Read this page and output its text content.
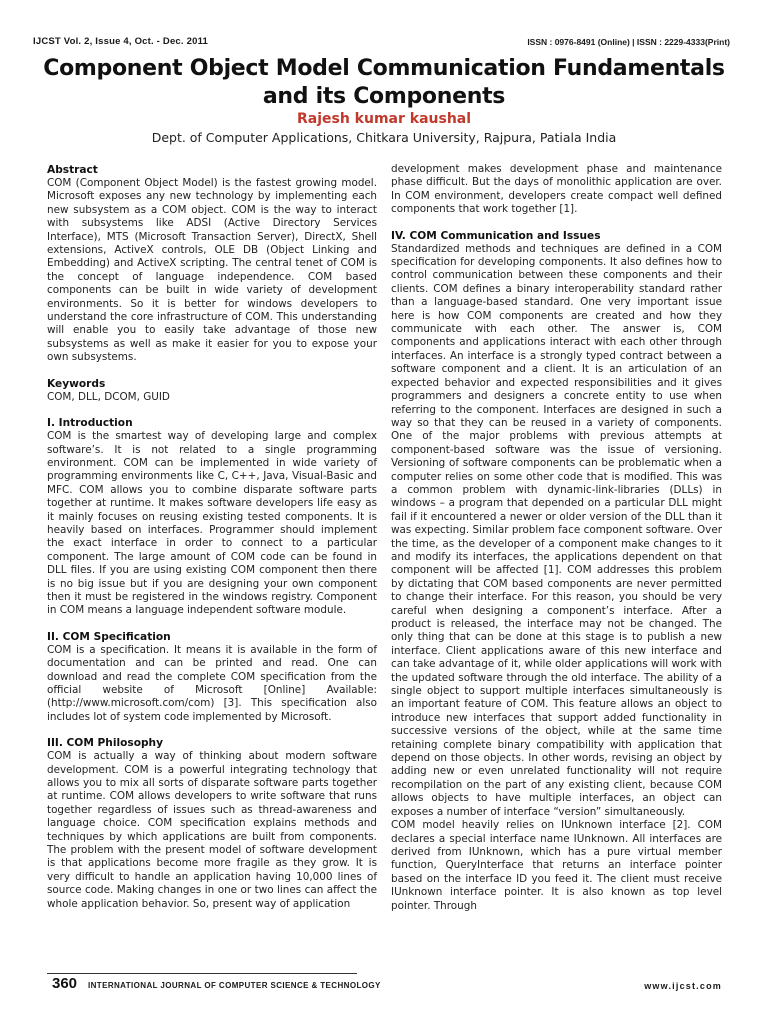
IJCST Vol. 2, Issue 4, Oct. - Dec. 2011	ISSN : 0976-8491 (Online) | ISSN : 2229-4333(Print)
Component Object Model Communication Fundamentals and its Components
Rajesh kumar kaushal
Dept. of Computer Applications, Chitkara University, Rajpura, Patiala India
Abstract

COM (Component Object Model) is the fastest growing model. Microsoft exposes any new technology by implementing each new subsystem as a COM object. COM is the way to interact with subsystems like ADSI (Active Directory Services Interface), MTS (Microsoft Transaction Server), DirectX, Shell extensions, ActiveX controls, OLE DB (Object Linking and Embedding) and ActiveX scripting. The central tenet of COM is the concept of language independence. COM based components can be built in wide variety of development environments. So it is better for windows developers to understand the core infrastructure of COM. This understanding will enable you to easily take advantage of those new subsystems as well as make it easier for you to expose your own subsystems.

Keywords

COM, DLL, DCOM, GUID

I. Introduction

COM is the smartest way of developing large and complex software’s. It is not related to a single programming environment. COM can be implemented in wide variety of programming environments like C, C++, Java, Visual-Basic and MFC. COM allows you to combine disparate software parts together at runtime. It makes software developers life easy as it mainly focuses on reusing existing tested components. It is heavily based on interfaces. Programmer should implement the exact interface in order to connect to a particular component. The large amount of COM code can be found in DLL files. If you are using existing COM component then there is no big issue but if you are designing your own component then it must be registered in the windows registry. Component in COM means a language independent software module.

II. COM Specification

COM is a specification. It means it is available in the form of documentation and can be printed and read. One can download and read the complete COM specification from the official website of Microsoft [Online] Available: (http://www.microsoft.com/com) [3]. This specification also includes lot of system code implemented by Microsoft.

III. COM Philosophy

COM is actually a way of thinking about modern software development. COM is a powerful integrating technology that allows you to mix all sorts of disparate software parts together at runtime. COM allows developers to write software that runs together regardless of issues such as thread-awareness and language choice. COM specification explains methods and techniques by which applications are built from components. The problem with the present model of software development is that applications become more fragile as they grow. It is very difficult to handle an application having 10,000 lines of source code. Making changes in one or two lines can affect the whole application behavior. So, present way of application

development makes development phase and maintenance phase difficult. But the days of monolithic application are over. In COM environment, developers create compact well defined components that work together [1].

IV. COM Communication and Issues

Standardized methods and techniques are defined in a COM specification for developing components. It also defines how to control communication between these components and their clients. COM defines a binary interoperability standard rather than a language-based standard. One very important issue here is how COM components are created and how they communicate with each other. The answer is, COM components and applications interact with each other through interfaces. An interface is a strongly typed contract between a software component and a client. It is an articulation of an expected behavior and expected responsibilities and it gives programmers and designers a concrete entity to use when referring to the component. Interfaces are designed in such a way so that they can be reused in a variety of components. One of the major problems with previous attempts at component-based software was the issue of versioning. Versioning of software components can be problematic when a computer relies on some other code that is modified. This was a common problem with dynamic-link-libraries (DLLs) in windows – a program that depended on a particular DLL might fail if it encountered a newer or older version of the DLL than it was expecting. Similar problem face component software. Over the time, as the developer of a component make changes to it and modify its interfaces, the applications dependent on that component will be affected [1]. COM addresses this problem by dictating that COM based components are never permitted to change their interface. For this reason, you should be very careful when designing a component’s interface. After a product is released, the interface may not be changed. The only thing that can be done at this stage is to publish a new interface. Client applications aware of this new interface and can take advantage of it, while older applications will work with the updated software through the old interface. The ability of a single object to support multiple interfaces simultaneously is an important feature of COM. This feature allows an object to introduce new interfaces that support added functionality in successive versions of the object, while at the same time retaining complete binary compatibility with application that depend on those objects. In other words, revising an object by adding new or even unrelated functionality will not require recompilation on the part of any existing client, because COM allows objects to have multiple interfaces, an object can exposes a number of interface “version” simultaneously.

COM model heavily relies on IUnknown interface [2]. COM declares a special interface name IUnknown. All interfaces are derived from IUnknown, which has a pure virtual member function, QueryInterface that returns an interface pointer based on the interface ID you feed it. The client must receive IUnknown interface pointer. It is also known as top level pointer. Through

360 INTERNATIONAL JOURNAL OF COMPUTER SCIENCE & TECHNOLOGY	www.ijcst.com
